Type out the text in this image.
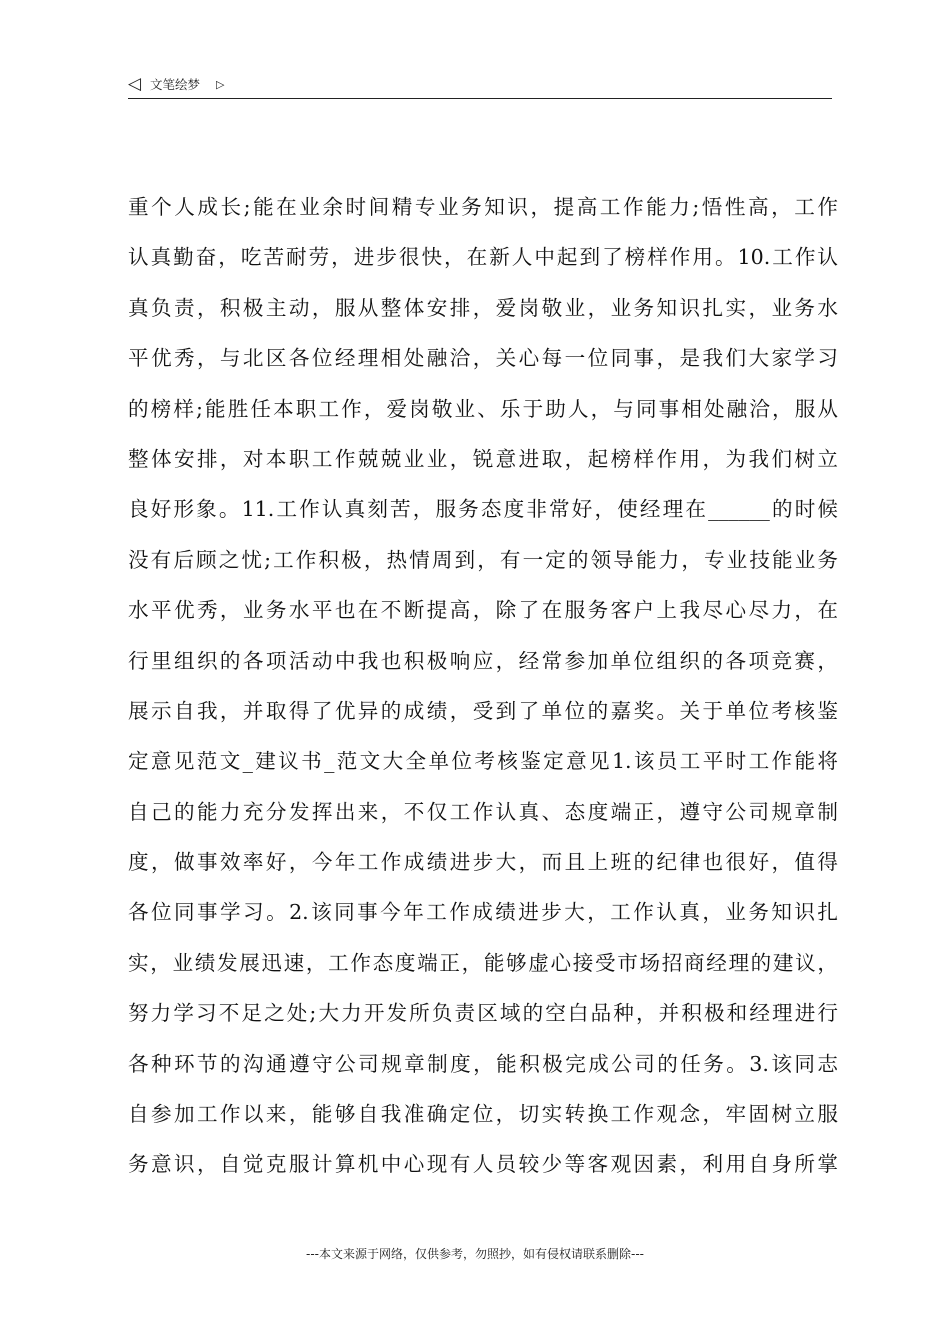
◁ 文笔绘梦 ▷
重个人成长;能在业余时间精专业务知识，提高工作能力;悟性高，工作
认真勤奋，吃苦耐劳，进步很快，在新人中起到了榜样作用。10.工作认
真负责，积极主动，服从整体安排，爱岗敬业，业务知识扎实，业务水
平优秀，与北区各位经理相处融洽，关心每一位同事，是我们大家学习
的榜样;能胜任本职工作，爱岗敬业、乐于助人，与同事相处融洽，服从
整体安排，对本职工作兢兢业业，锐意进取，起榜样作用，为我们树立
良好形象。11.工作认真刻苦，服务态度非常好，使经理在______的时候
没有后顾之忧;工作积极，热情周到，有一定的领导能力，专业技能业务
水平优秀，业务水平也在不断提高，除了在服务客户上我尽心尽力，在
行里组织的各项活动中我也积极响应，经常参加单位组织的各项竞赛，
展示自我，并取得了优异的成绩，受到了单位的嘉奖。关于单位考核鉴
定意见范文_建议书_范文大全单位考核鉴定意见1.该员工平时工作能将
自己的能力充分发挥出来，不仅工作认真、态度端正，遵守公司规章制
度，做事效率好，今年工作成绩进步大，而且上班的纪律也很好，值得
各位同事学习。2.该同事今年工作成绩进步大，工作认真，业务知识扎
实，业绩发展迅速，工作态度端正，能够虚心接受市场招商经理的建议，
努力学习不足之处;大力开发所负责区域的空白品种，并积极和经理进行
各种环节的沟通遵守公司规章制度，能积极完成公司的任务。3.该同志
自参加工作以来，能够自我准确定位，切实转换工作观念，牢固树立服
务意识，自觉克服计算机中心现有人员较少等客观因素，利用自身所掌
---本文来源于网络，仅供参考，勿照抄，如有侵权请联系删除---
